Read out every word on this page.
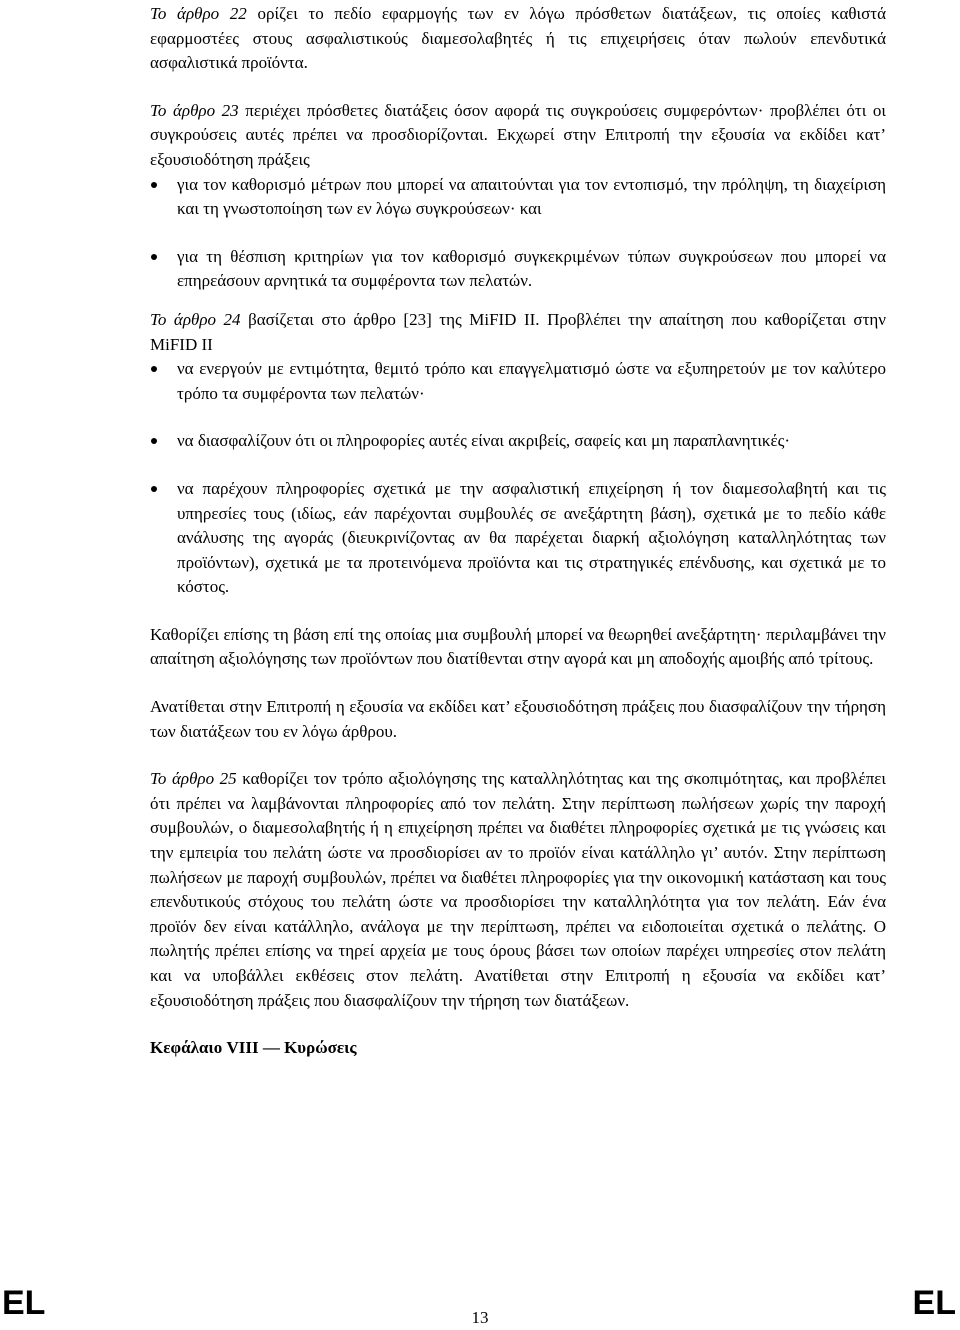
Το άρθρο 22 ορίζει το πεδίο εφαρμογής των εν λόγω πρόσθετων διατάξεων, τις οποίες καθιστά εφαρμοστέες στους ασφαλιστικούς διαμεσολαβητές ή τις επιχειρήσεις όταν πωλούν επενδυτικά ασφαλιστικά προϊόντα.

Το άρθρο 23 περιέχει πρόσθετες διατάξεις όσον αφορά τις συγκρούσεις συμφερόντων· προβλέπει ότι οι συγκρούσεις αυτές πρέπει να προσδιορίζονται. Εκχωρεί στην Επιτροπή την εξουσία να εκδίδει κατ’ εξουσιοδότηση πράξεις

για τον καθορισμό μέτρων που μπορεί να απαιτούνται για τον εντοπισμό, την πρόληψη, τη διαχείριση και τη γνωστοποίηση των εν λόγω συγκρούσεων· και
για τη θέσπιση κριτηρίων για τον καθορισμό συγκεκριμένων τύπων συγκρούσεων που μπορεί να επηρεάσουν αρνητικά τα συμφέροντα των πελατών.

Το άρθρο 24 βασίζεται στο άρθρο [23] της MiFID II. Προβλέπει την απαίτηση που καθορίζεται στην MiFID II

να ενεργούν με εντιμότητα, θεμιτό τρόπο και επαγγελματισμό ώστε να εξυπηρετούν με τον καλύτερο τρόπο τα συμφέροντα των πελατών·
να διασφαλίζουν ότι οι πληροφορίες αυτές είναι ακριβείς, σαφείς και μη παραπλανητικές·
να παρέχουν πληροφορίες σχετικά με την ασφαλιστική επιχείρηση ή τον διαμεσολαβητή και τις υπηρεσίες τους (ιδίως, εάν παρέχονται συμβουλές σε ανεξάρτητη βάση), σχετικά με το πεδίο κάθε ανάλυσης της αγοράς (διευκρινίζοντας αν θα παρέχεται διαρκή αξιολόγηση καταλληλότητας των προϊόντων), σχετικά με τα προτεινόμενα προϊόντα και τις στρατηγικές επένδυσης, και σχετικά με το κόστος.

Καθορίζει επίσης τη βάση επί της οποίας μια συμβουλή μπορεί να θεωρηθεί ανεξάρτητη· περιλαμβάνει την απαίτηση αξιολόγησης των προϊόντων που διατίθενται στην αγορά και μη αποδοχής αμοιβής από τρίτους.

Ανατίθεται στην Επιτροπή η εξουσία να εκδίδει κατ’ εξουσιοδότηση πράξεις που διασφαλίζουν την τήρηση των διατάξεων του εν λόγω άρθρου.

Το άρθρο 25 καθορίζει τον τρόπο αξιολόγησης της καταλληλότητας και της σκοπιμότητας, και προβλέπει ότι πρέπει να λαμβάνονται πληροφορίες από τον πελάτη. Στην περίπτωση πωλήσεων χωρίς την παροχή συμβουλών, ο διαμεσολαβητής ή η επιχείρηση πρέπει να διαθέτει πληροφορίες σχετικά με τις γνώσεις και την εμπειρία του πελάτη ώστε να προσδιορίσει αν το προϊόν είναι κατάλληλο γι’ αυτόν. Στην περίπτωση πωλήσεων με παροχή συμβουλών, πρέπει να διαθέτει πληροφορίες για την οικονομική κατάσταση και τους επενδυτικούς στόχους του πελάτη ώστε να προσδιορίσει την καταλληλότητα για τον πελάτη. Εάν ένα προϊόν δεν είναι κατάλληλο, ανάλογα με την περίπτωση, πρέπει να ειδοποιείται σχετικά ο πελάτης. Ο πωλητής πρέπει επίσης να τηρεί αρχεία με τους όρους βάσει των οποίων παρέχει υπηρεσίες στον πελάτη και να υποβάλλει εκθέσεις στον πελάτη. Ανατίθεται στην Επιτροπή η εξουσία να εκδίδει κατ’ εξουσιοδότηση πράξεις που διασφαλίζουν την τήρηση των διατάξεων.

Κεφάλαιο VIII — Κυρώσεις

EL	13	EL
